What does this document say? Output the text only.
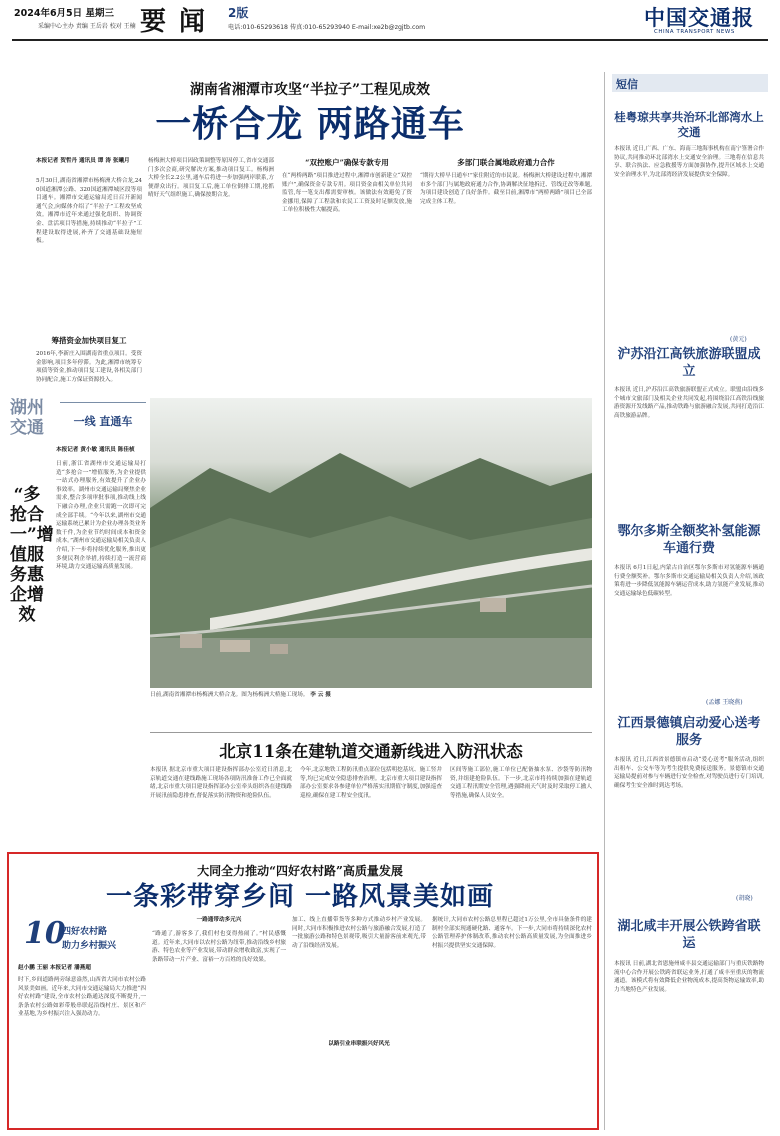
2024年6月5日 星期三
采编中心主办 责编 王岳岩 校对 王楠 要 闻 2版
电话:010-65293618 传真:010-65293940 E-mail:xe2b@zgjtb.com	中国交通报
CHINA TRANSPORT NEWS
湖南省湘潭市攻坚“半拉子”工程见成效
一桥合龙 两路通车
本报记者 贺哲丹 通讯员 谭 涛 张曦月
5月30日,湖南省湘潭市杨梅洲大桥合龙,240国道湘潭公路、320国道湘潭城区段等项目通车。湘潭市交通运输局近日召开新闻通气会,向媒体介绍了“半拉子”工程攻坚成效。湘潭市近年来通过强化组织、协调资金、盘活项目等措施,持续推动“半拉子”工程建设取得进展,补齐了交通基础设施短板。
筹措资金加快项目复工
2016年,李新庄入围湖南省重点项目。受资金影响,项目多年停滞。为此,湘潭市统筹专项债等资金,推动项目复工建设,各相关部门协同配合,施工方保证资源投入。
杨梅洲大桥项目因政策调整等原因停工,省市交通部门多次会商,研究解决方案,推动项目复工。杨梅洲大桥全长2.2公里,通车后将进一步加强两岸联系,方便群众出行。项目复工后,施工单位倒排工期,抢抓晴好天气组织施工,确保按期合龙。
“双控账户”确保专款专用
在“两桥两路”项目推进过程中,湘潭市创新建立“双控账户”,确保资金专款专用。项目资金由相关单位共同监管,每一笔支出都需要审核。该做法有效避免了资金挪用,保障了工程款和农民工工资及时足额发放,施工单位积极性大幅提高。
多部门联合属地政府通力合作
“期待大桥早日通车!”家住附近的市民说。杨梅洲大桥建设过程中,湘潭市多个部门与属地政府通力合作,协调解决征地拆迁、管线迁改等难题,为项目建设创造了良好条件。截至目前,湘潭市“两桥两路”项目已全部完成主体工程。
日前,湖南省湘潭市杨梅洲大桥合龙。图为杨梅洲大桥施工现场。 李 云 摄
一线 直通车
湖州交通
“多抢合一”增值服务惠企增效
本报记者 黄小敏 通讯员 陈佳桢
日前,浙江省湖州市交通运输局打造“多抢合一”增值服务,为企业提供一站式办理服务,有效提升了企业办事效率。湖州市交通运输局聚焦企业需求,整合多项审批事项,推动线上线下融合办理,企业只需跑一次即可完成全部手续。“今年以来,湖州市交通运输系统已累计为企业办理各类业务数千件,为企业节约时间成本和资金成本。”湖州市交通运输局相关负责人介绍,下一步将持续优化服务,推出更多便民利企举措,持续打造一流营商环境,助力交通运输高质量发展。
北京11条在建轨道交通新线进入防汛状态
本报讯 据北京市重大项目建设指挥部办公室近日消息,北京轨道交通在建线路施工现场各项防汛准备工作已全面就绪,北京市重大项目建设指挥部办公室牵头组织各在建线路开展汛前隐患排查,督促落实防汛物资和抢险队伍。
今年,北京地铁工程防汛重点部位包括明挖基坑、施工竖井等,均已完成安全隐患排查治理。北京市重大项目建设指挥部办公室要求各参建单位严格落实汛期值守制度,加强巡查巡检,确保在建工程安全度汛。
区间等施工部位,施工单位已配备抽水泵、沙袋等防汛物资,并组建抢险队伍。下一步,北京市将持续加强在建轨道交通工程汛期安全管理,遇强降雨天气时及时采取停工撤人等措施,确保人员安全。
大同全力推动“四好农村路”高质量发展
一条彩带穿乡间 一路风景美如画
10
四好农村路
助力乡村振兴
赵小鹏 王丽 本报记者 潘燕超
时下,乡间道路两旁绿意盎然,山西省大同市农村公路风景美如画。近年来,大同市交通运输局大力推进“四好农村路”建设,全市农村公路通达深度不断提升,一条条农村公路如彩带般串联起沿线村庄、景区和产业基地,为乡村振兴注入强劲动力。
一路通带动多元兴
“路通了,游客多了,我们村也变得热闹了。”村民感慨道。近年来,大同市以农村公路为纽带,推动沿线乡村旅游、特色农业等产业发展,带动群众增收致富,实现了一条路带动一片产业、富裕一方百姓的良好效果。
加工、线上直播带货等多种方式推动乡村产业发展。同时,大同市积极推进农村公路与旅游融合发展,打造了一批旅游公路和特色景观带,吸引大量游客前来观光,带动了沿线经济发展。
以路引业串联振兴好风光
据统计,大同市农村公路总里程已超过1万公里,全市具备条件的建制村全部实现通硬化路、通客车。下一步,大同市将持续深化农村公路管理养护体制改革,推动农村公路高质量发展,为全面推进乡村振兴提供坚实交通保障。
短信
桂粤琼共享共治环北部湾水上交通
本报讯 近日,广西、广东、海南三地海事机构在南宁签署合作协议,共同推动环北部湾水上交通安全治理。三地将在信息共享、联合执法、应急救援等方面加强协作,提升区域水上交通安全治理水平,为北部湾经济发展提供安全保障。
(黄元)
沪苏沿江高铁旅游联盟成立
本报讯 近日,沪苏沿江高铁旅游联盟正式成立。联盟由沿线多个城市文旅部门及相关企业共同发起,将围绕沿江高铁沿线旅游资源开发线路产品,推动铁路与旅游融合发展,共同打造沿江高铁旅游品牌。
鄂尔多斯全额奖补氢能源车通行费
本报讯 6月1日起,内蒙古自治区鄂尔多斯市对氢能源车辆通行费全额奖补。鄂尔多斯市交通运输局相关负责人介绍,该政策将进一步降低氢能源车辆运营成本,助力氢能产业发展,推动交通运输绿色低碳转型。
(孟娜 王晓燕)
江西景德镇启动爱心送考服务
本报讯 近日,江西省景德镇市启动“爱心送考”服务活动,组织出租车、公交车等为考生提供免费接送服务。景德镇市交通运输局提前对参与车辆进行安全检查,对驾驶员进行专门培训,确保考生安全准时到达考场。
(胡晓)
湖北咸丰开展公铁跨省联运
本报讯 日前,湖北省恩施州咸丰县交通运输部门与重庆铁路物流中心合作开展公铁跨省联运业务,打通了咸丰至重庆的物流通道。该模式将有效降低企业物流成本,提高货物运输效率,助力当地特色产业发展。
